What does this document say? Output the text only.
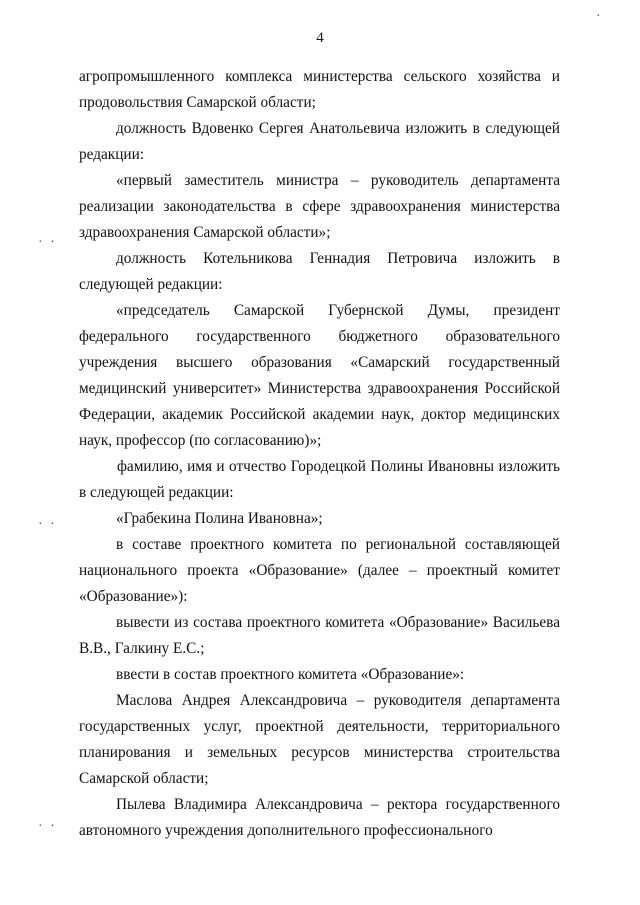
4
·
· ·
· ·
· ·

агропромышленного комплекса министерства сельского хозяйства и продовольствия Самарской области;

должность Вдовенко Сергея Анатольевича изложить в следующей редакции:

«первый заместитель министра – руководитель департамента реализации законодательства в сфере здравоохранения министерства здравоохранения Самарской области»;

должность Котельникова Геннадия Петровича изложить в следующей редакции:

«председатель Самарской Губернской Думы, президент федерального государственного бюджетного образовательного учреждения высшего образования «Самарский государственный медицинский университет» Министерства здравоохранения Российской Федерации, академик Российской академии наук, доктор медицинских наук, профессор (по согласованию)»;

фамилию, имя и отчество Городецкой Полины Ивановны изложить в следующей редакции:

«Грабекина Полина Ивановна»;

в составе проектного комитета по региональной составляющей национального проекта «Образование» (далее – проектный комитет «Образование»):

вывести из состава проектного комитета «Образование» Васильева В.В., Галкину Е.С.;

ввести в состав проектного комитета «Образование»:

Маслова Андрея Александровича – руководителя департамента государственных услуг, проектной деятельности, территориального планирования и земельных ресурсов министерства строительства Самарской области;

Пылева Владимира Александровича – ректора государственного автономного учреждения дополнительного профессионального
